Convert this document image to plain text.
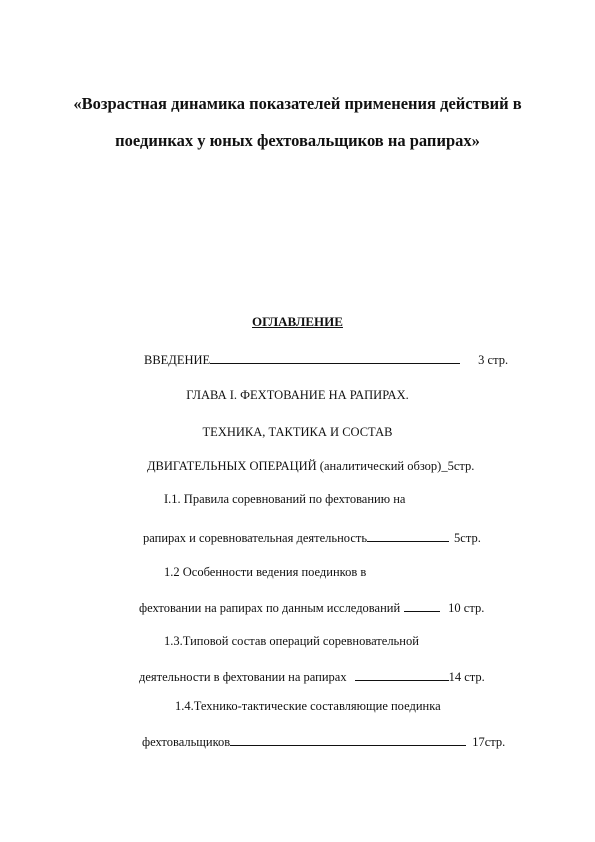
«Возрастная динамика показателей применения действий в
поединках у юных фехтовальщиков на рапирах»
ОГЛАВЛЕНИЕ
ВВЕДЕНИЕ	3 стр.
ГЛАВА I. ФЕХТОВАНИЕ НА РАПИРАХ.
ТЕХНИКА, ТАКТИКА И СОСТАВ
ДВИГАТЕЛЬНЫХ ОПЕРАЦИЙ (аналитический обзор)_5стр.
I.1. Правила соревнований по фехтованию на
рапирах и соревновательная деятельность	5стр.
1.2 Особенности ведения поединков в
фехтовании на рапирах по данным исследований	10 стр.
1.3.Типовой состав операций соревновательной
деятельности в фехтовании на рапирах	14 стр.
1.4.Технико-тактические составляющие поединка
фехтовальщиков	17стр.
